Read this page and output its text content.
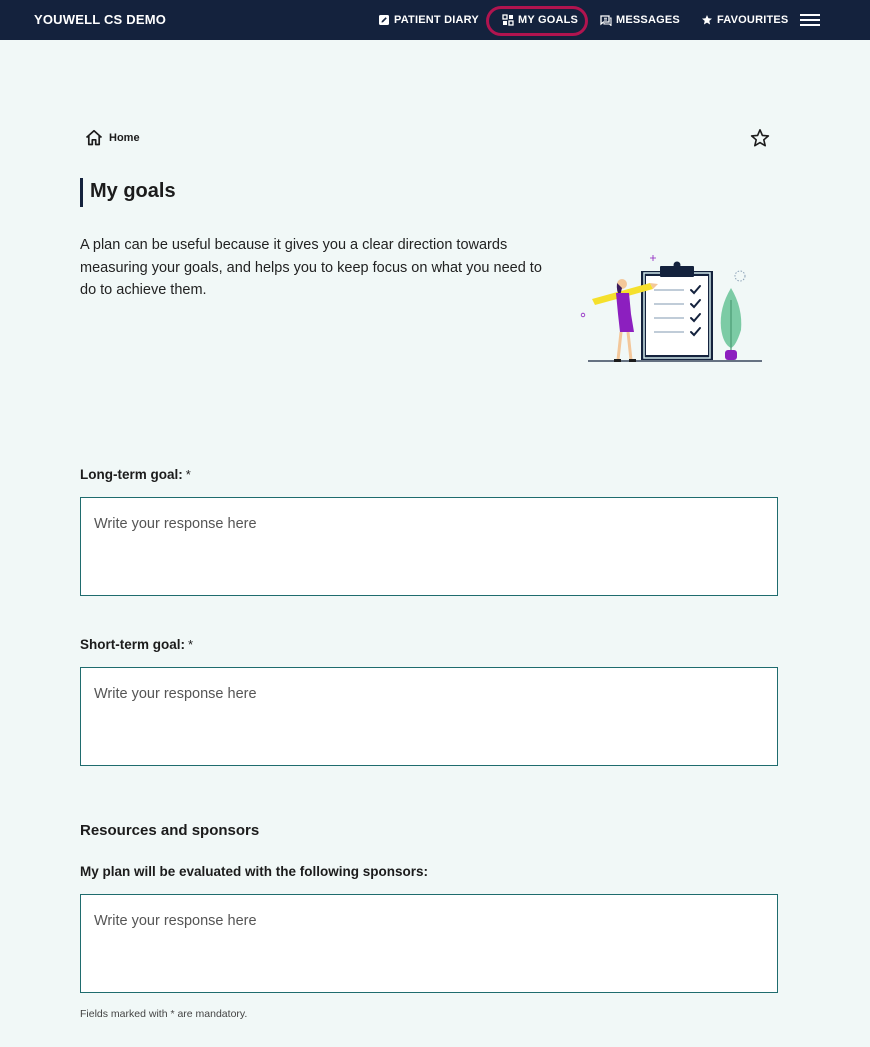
YOUWELL CS DEMO	PATIENT DIARY	MY GOALS	MESSAGES	FAVOURITES
Home
My goals

A plan can be useful because it gives you a clear direction towards measuring your goals, and helps you to keep focus on what you need to do to achieve them.

Long-term goal: *
Write your response here
Short-term goal: *
Write your response here
Resources and sponsors
My plan will be evaluated with the following sponsors:
Write your response here

Fields marked with * are mandatory.
